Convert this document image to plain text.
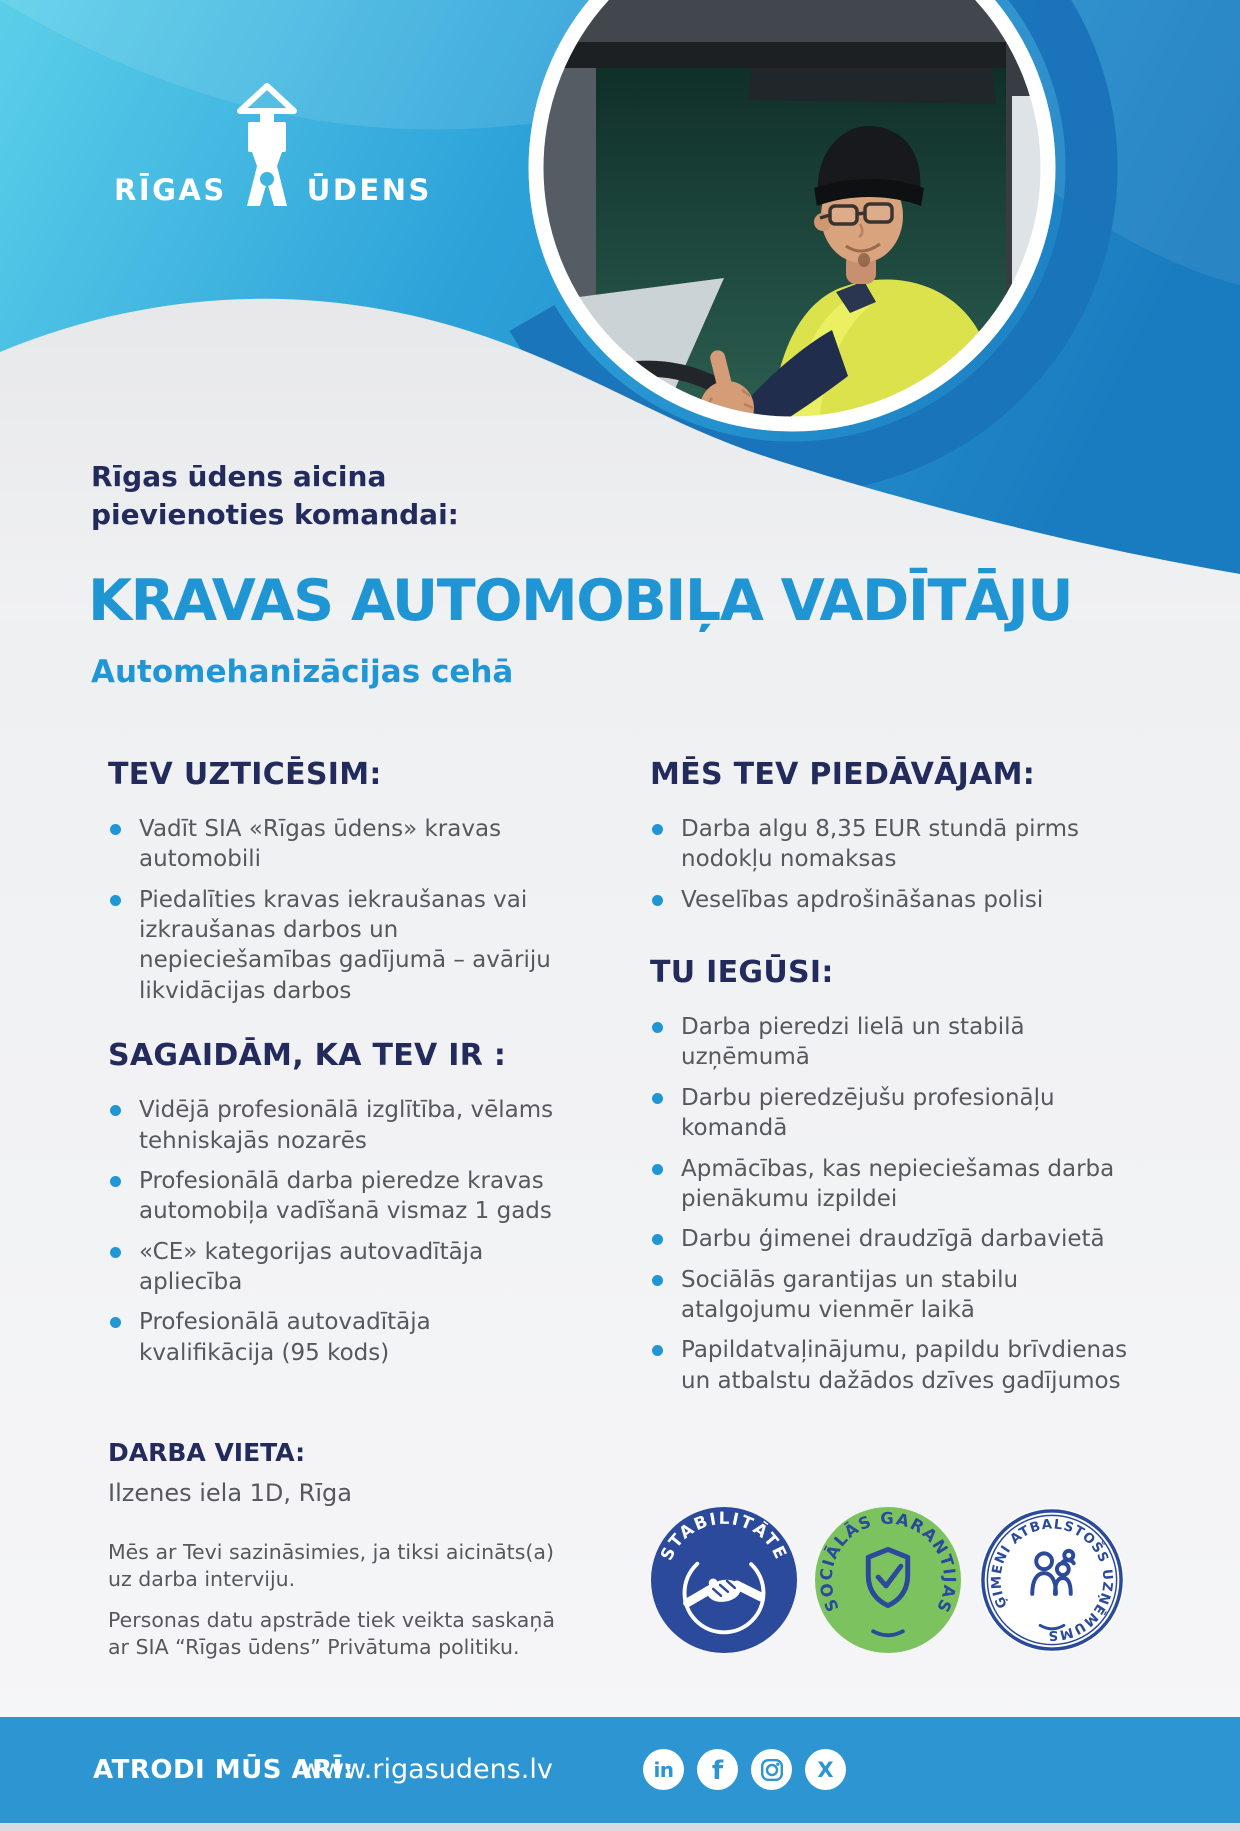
RĪGAS	ŪDENS
Rīgas ūdens aicina
pievienoties komandai:
KRAVAS AUTOMOBIĻA VADĪTĀJU
Automehanizācijas cehā
TEV UZTICĒSIM:
Vadīt SIA «Rīgas ūdens» kravas automobili
Piedalīties kravas iekraušanas vai izkraušanas darbos un nepieciešamības gadījumā – avāriju likvidācijas darbos
SAGAIDĀM, KA TEV IR :
Vidējā profesionālā izglītība, vēlams tehniskajās nozarēs
Profesionālā darba pieredze kravas automobiļa vadīšanā vismaz 1 gads
«CE» kategorijas autovadītāja apliecība
Profesionālā autovadītāja kvalifikācija (95 kods)
DARBA VIETA:

Ilzenes iela 1D, Rīga

Mēs ar Tevi sazināsimies, ja tiksi aicināts(a) uz darba interviju.

Personas datu apstrāde tiek veikta saskaņā ar SIA “Rīgas ūdens” Privātuma politiku.

MĒS TEV PIEDĀVĀJAM:
Darba algu 8,35 EUR stundā pirms nodokļu nomaksas
Veselības apdrošināšanas polisi
TU IEGŪSI:
Darba pieredzi lielā un stabilā uzņēmumā
Darbu pieredzējušu profesionāļu komandā
Apmācības, kas nepieciešamas darba pienākumu izpildei
Darbu ģimenei draudzīgā darbavietā
Sociālās garantijas un stabilu atalgojumu vienmēr laikā
Papildatvaļinājumu, papildu brīvdienas un atbalstu dažādos dzīves gadījumos
STABILITĀTE
SOCIĀLĀS GARANTIJAS	ĢIMENI ATBALSTOŠS UZŅĒMUMS
ATRODI MŪS ARĪ:
www.rigasudens.lv	in f	X
